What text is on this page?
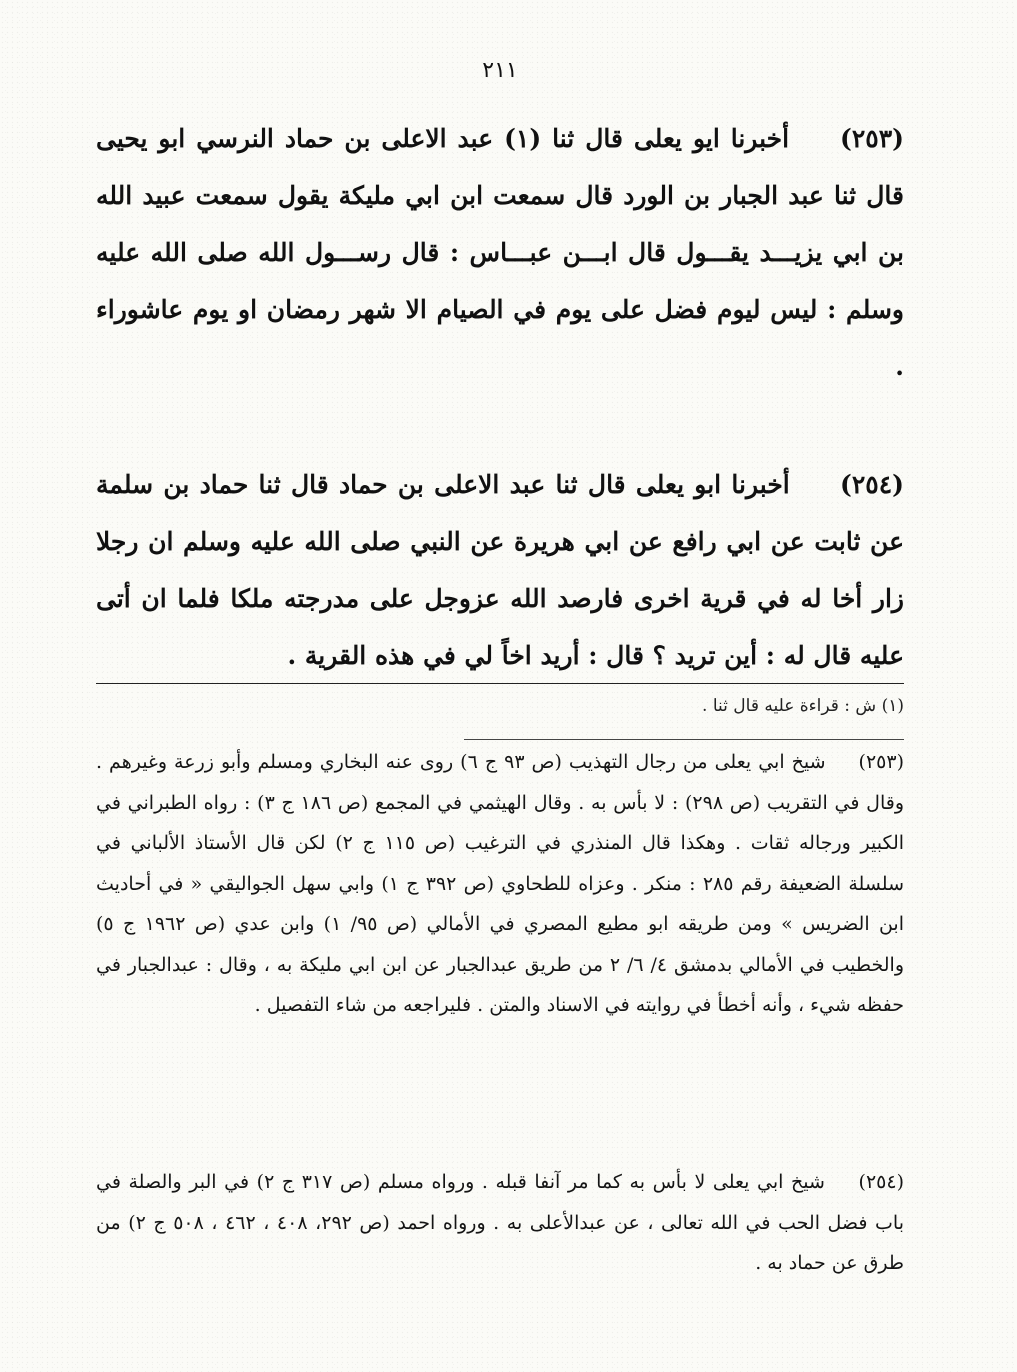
٢١١

(٢٥٣) أخبرنا ايو يعلى قال ثنا (١) عبد الاعلى بن حماد النرسي ابو يحيى قال ثنا عبد الجبار بن الورد قال سمعت ابن ابي مليكة يقول سمعت عبيد الله بن ابي يزيـــد يقـــول قال ابـــن عبـــاس : قال رســـول الله صلى الله عليه وسلم : ليس ليوم فضل على يوم في الصيام الا شهر رمضان او يوم عاشوراء .

(٢٥٤) أخبرنا ابو يعلى قال ثنا عبد الاعلى بن حماد قال ثنا حماد بن سلمة عن ثابت عن ابي رافع عن ابي هريرة عن النبي صلى الله عليه وسلم ان رجلا زار أخا له في قرية اخرى فارصد الله عزوجل على مدرجته ملكا فلما ان أتى عليه قال له : أين تريد ؟ قال : أريد اخاً لي في هذه القرية .

(١) ش : قراءة عليه قال ثنا .

(٢٥٣) شيخ ابي يعلى من رجال التهذيب (ص ٩٣ ج ٦) روى عنه البخاري ومسلم وأبو زرعة وغيرهم . وقال في التقريب (ص ٢٩٨) : لا بأس به . وقال الهيثمي في المجمع (ص ١٨٦ ج ٣) : رواه الطبراني في الكبير ورجاله ثقات . وهكذا قال المنذري في الترغيب (ص ١١٥ ج ٢) لكن قال الأستاذ الألباني في سلسلة الضعيفة رقم ٢٨٥ : منكر . وعزاه للطحاوي (ص ٣٩٢ ج ١) وابي سهل الجواليقي « في أحاديث ابن الضريس » ومن طريقه ابو مطيع المصري في الأمالي (ص ٩٥/ ١) وابن عدي (ص ١٩٦٢ ج ٥) والخطيب في الأمالي بدمشق ٤/ ٦/ ٢ من طريق عبدالجبار عن ابن ابي مليكة به ، وقال : عبدالجبار في حفظه شيء ، وأنه أخطأ في روايته في الاسناد والمتن . فليراجعه من شاء التفصيل .

(٢٥٤) شيخ ابي يعلى لا بأس به كما مر آنفا قبله . ورواه مسلم (ص ٣١٧ ج ٢) في البر والصلة في باب فضل الحب في الله تعالى ، عن عبدالأعلى به . ورواه احمد (ص ٢٩٢، ٤٠٨ ، ٤٦٢ ، ٥٠٨ ج ٢) من طرق عن حماد به .
